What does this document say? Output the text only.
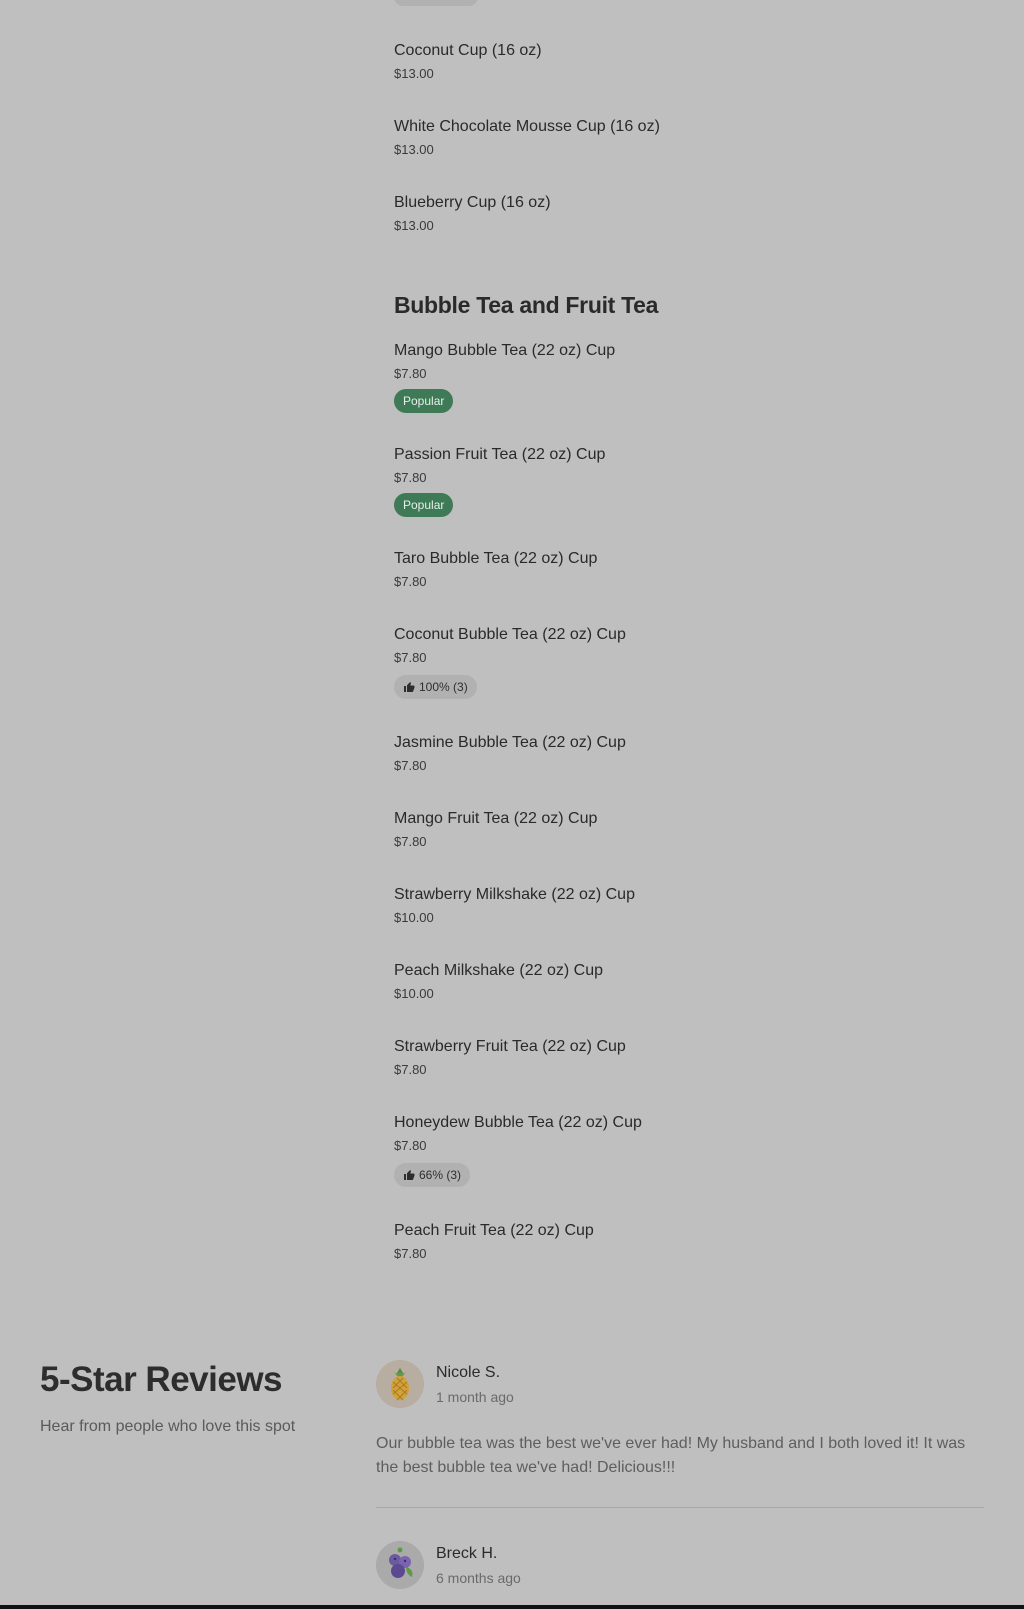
Coconut Cup (16 oz)
$13.00
White Chocolate Mousse Cup (16 oz)
$13.00
Blueberry Cup (16 oz)
$13.00
Bubble Tea and Fruit Tea
Mango Bubble Tea (22 oz) Cup
$7.80
Popular
Passion Fruit Tea (22 oz) Cup
$7.80
Popular
Taro Bubble Tea (22 oz) Cup
$7.80
Coconut Bubble Tea (22 oz) Cup
$7.80
100% (3)
Jasmine Bubble Tea (22 oz) Cup
$7.80
Mango Fruit Tea (22 oz) Cup
$7.80
Strawberry Milkshake (22 oz) Cup
$10.00
Peach Milkshake (22 oz) Cup
$10.00
Strawberry Fruit Tea (22 oz) Cup
$7.80
Honeydew Bubble Tea (22 oz) Cup
$7.80
66% (3)
Peach Fruit Tea (22 oz) Cup
$7.80
5-Star Reviews
Hear from people who love this spot
Nicole S.
1 month ago
Our bubble tea was the best we've ever had! My husband and I both loved it! It was the best bubble tea we've had! Delicious!!!
Breck H.
6 months ago
